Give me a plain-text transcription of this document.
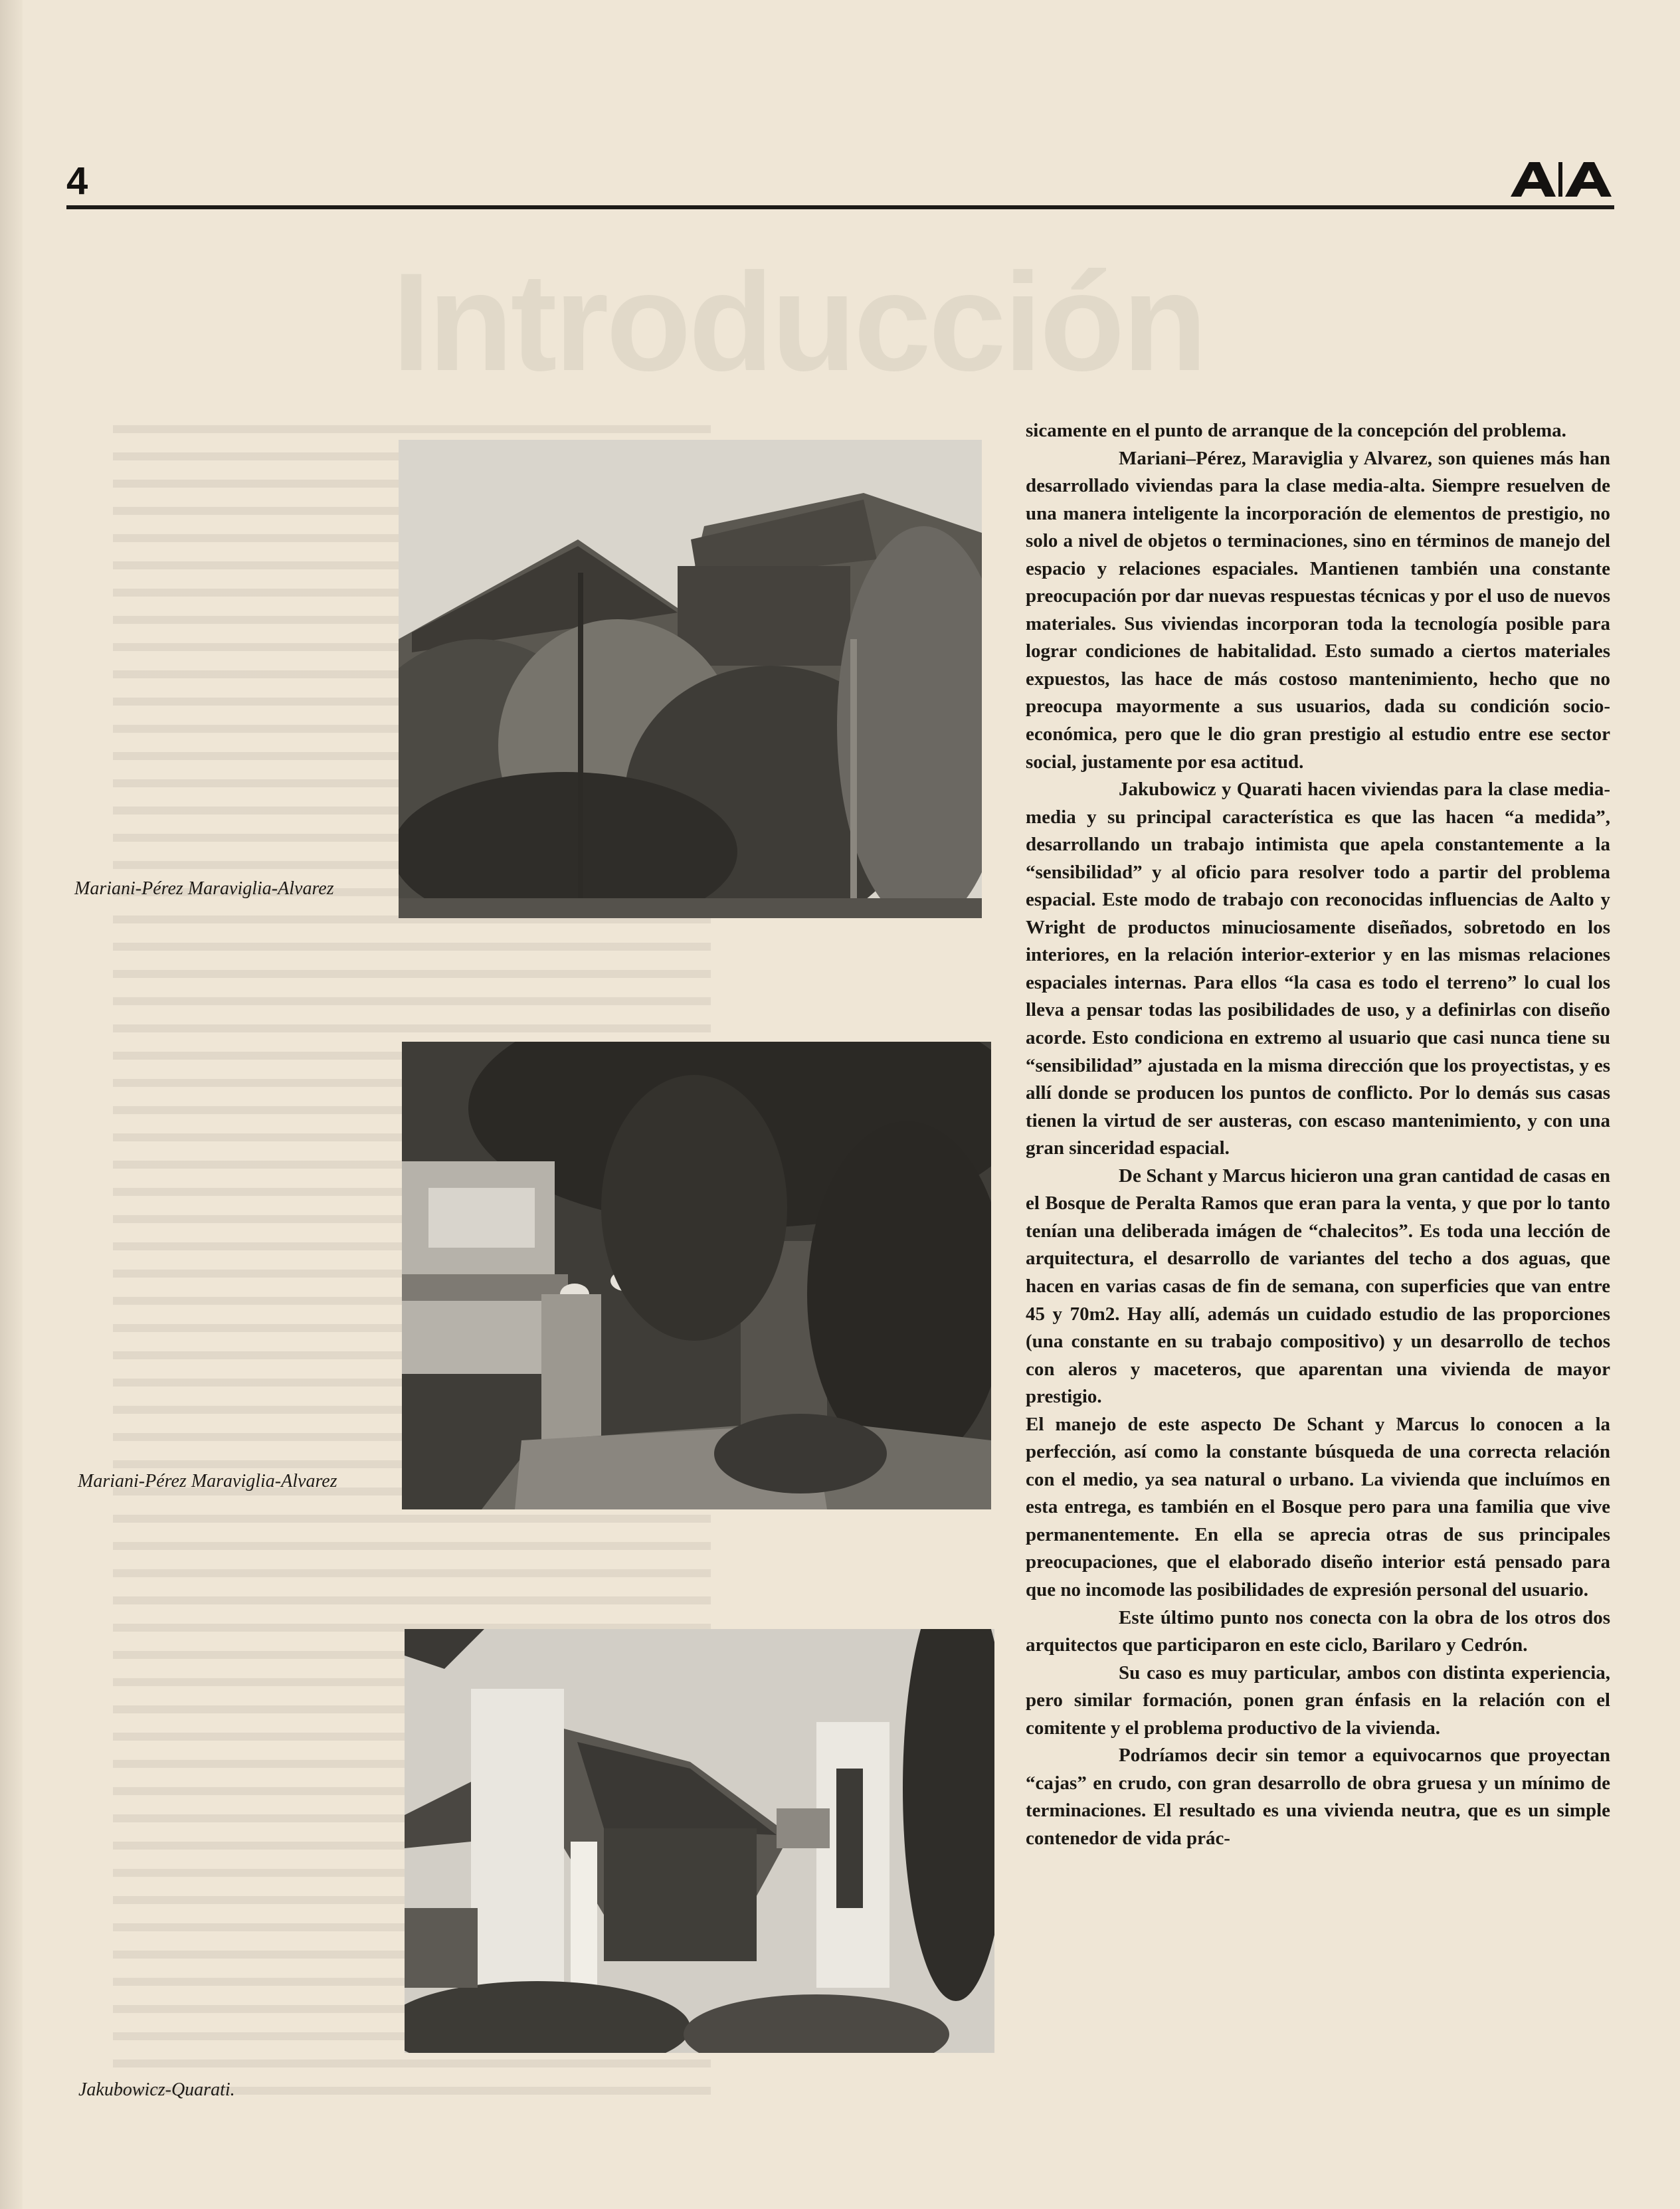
4
Introducción
Mariani-Pérez Maraviglia-Alvarez
Mariani-Pérez Maraviglia-Alvarez
Jakubowicz-Quarati.

sicamente en el punto de arranque de la concepción del problema.

Mariani–Pérez, Maraviglia y Alvarez, son quienes más han desarrollado viviendas para la clase media-alta. Siempre resuelven de una manera inteligente la incorporación de elementos de prestigio, no solo a nivel de objetos o terminaciones, sino en términos de manejo del espacio y relaciones espaciales. Mantienen también una constante preocupación por dar nuevas respuestas técnicas y por el uso de nuevos materiales. Sus viviendas incorporan toda la tecnología posible para lograr condiciones de habitalidad. Esto sumado a ciertos materiales expuestos, las hace de más costoso mantenimiento, hecho que no preocupa mayormente a sus usuarios, dada su condición socio-económica, pero que le dio gran prestigio al estudio entre ese sector social, justamente por esa actitud.

Jakubowicz y Quarati hacen viviendas para la clase media-media y su principal característica es que las hacen “a medida”, desarrollando un trabajo intimista que apela constantemente a la “sensibilidad” y al oficio para resolver todo a partir del problema espacial. Este modo de trabajo con reconocidas influencias de Aalto y Wright de productos minuciosamente diseñados, sobretodo en los interiores, en la relación interior-exterior y en las mismas relaciones espaciales internas. Para ellos “la casa es todo el terreno” lo cual los lleva a pensar todas las posibilidades de uso, y a definirlas con diseño acorde. Esto condiciona en extremo al usuario que casi nunca tiene su “sensibilidad” ajustada en la misma dirección que los proyectistas, y es allí donde se producen los puntos de conflicto. Por lo demás sus casas tienen la virtud de ser austeras, con escaso mantenimiento, y con una gran sinceridad espacial.

De Schant y Marcus hicieron una gran cantidad de casas en el Bosque de Peralta Ramos que eran para la venta, y que por lo tanto tenían una deliberada imágen de “chalecitos”. Es toda una lección de arquitectura, el desarrollo de variantes del techo a dos aguas, que hacen en varias casas de fin de semana, con superficies que van entre 45 y 70m2. Hay allí, además un cuidado estudio de las proporciones (una constante en su trabajo compositivo) y un desarrollo de techos con aleros y maceteros, que aparentan una vivienda de mayor prestigio.

El manejo de este aspecto De Schant y Marcus lo conocen a la perfección, así como la constante búsqueda de una correcta relación con el medio, ya sea natural o urbano. La vivienda que incluímos en esta entrega, es también en el Bosque pero para una familia que vive permanentemente. En ella se aprecia otras de sus principales preocupaciones, que el elaborado diseño interior está pensado para que no incomode las posibilidades de expresión personal del usuario.

Este último punto nos conecta con la obra de los otros dos arquitectos que participaron en este ciclo, Barilaro y Cedrón.

Su caso es muy particular, ambos con distinta experiencia, pero similar formación, ponen gran énfasis en la relación con el comitente y el problema productivo de la vivienda.

Podríamos decir sin temor a equivocarnos que proyectan “cajas” en crudo, con gran desarrollo de obra gruesa y un mínimo de terminaciones. El resultado es una vivienda neutra, que es un simple contenedor de vida prác-
